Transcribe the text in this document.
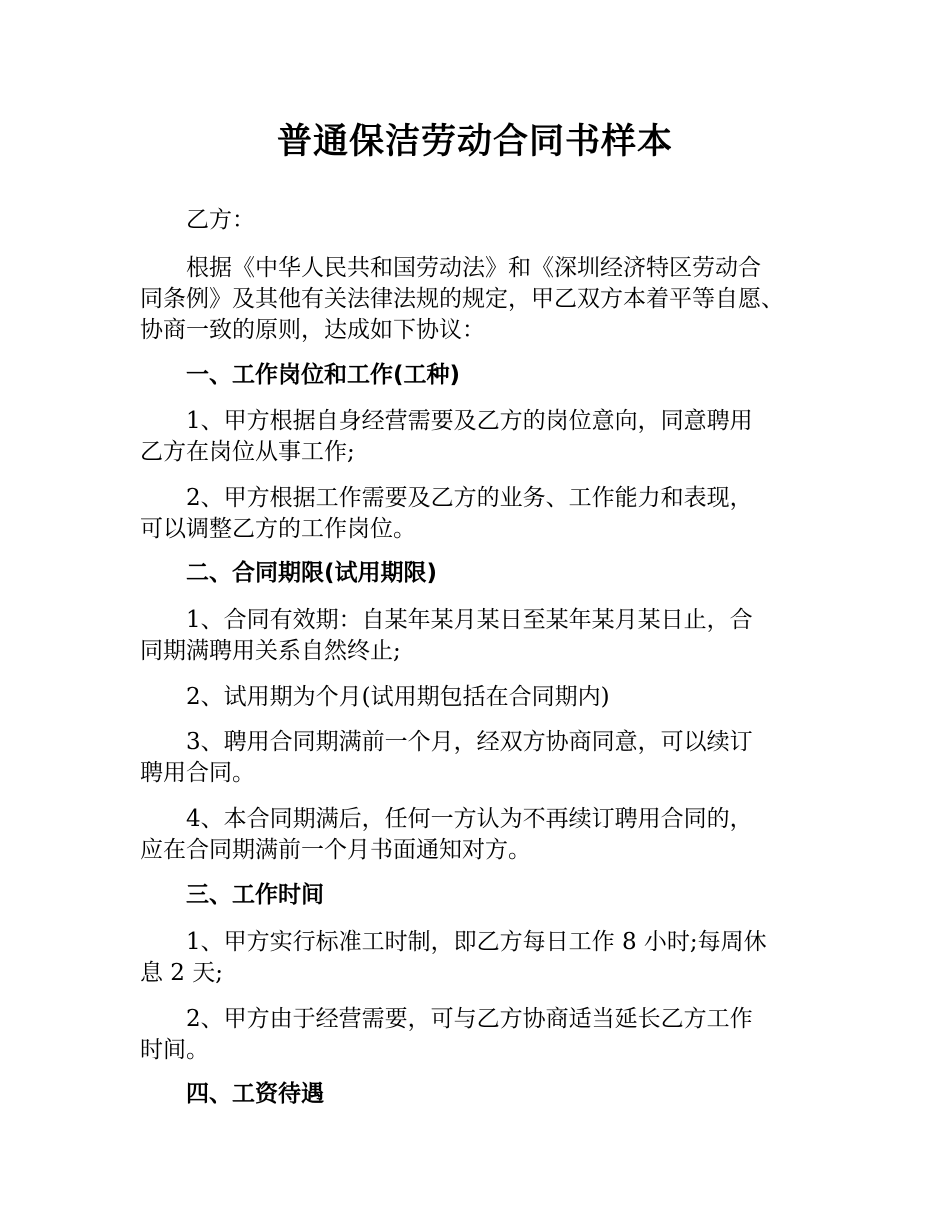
普通保洁劳动合同书样本

乙方：

根据《中华人民共和国劳动法》和《深圳经济特区劳动合
同条例》及其他有关法律法规的规定，甲乙双方本着平等自愿、
协商一致的原则，达成如下协议：

一、工作岗位和工作(工种)

1、甲方根据自身经营需要及乙方的岗位意向，同意聘用
乙方在岗位从事工作;

2、甲方根据工作需要及乙方的业务、工作能力和表现，
可以调整乙方的工作岗位。

二、合同期限(试用期限)

1、合同有效期：自某年某月某日至某年某月某日止，合
同期满聘用关系自然终止;

2、试用期为个月(试用期包括在合同期内)

3、聘用合同期满前一个月，经双方协商同意，可以续订
聘用合同。

4、本合同期满后，任何一方认为不再续订聘用合同的，
应在合同期满前一个月书面通知对方。

三、工作时间

1、甲方实行标准工时制，即乙方每日工作 8 小时;每周休
息 2 天;

2、甲方由于经营需要，可与乙方协商适当延长乙方工作
时间。

四、工资待遇
